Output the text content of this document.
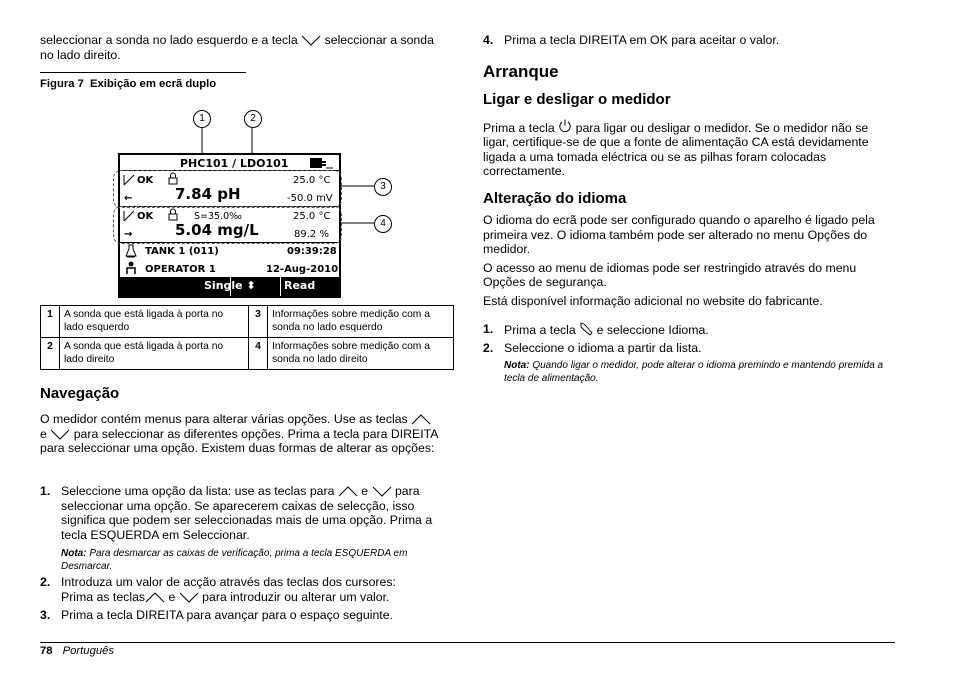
seleccionar a sonda no lado esquerdo e a tecla seleccionar a sonda
no lado direito.

Figura 7 Exibição em ecrã duplo
1	2
3
4
PHC101 / LDO101
OK	25.0 °C
←	7.84 pH	-50.0 mV
OK	S=35.0‰	25.0 °C
→	5.04 mg/L	89.2 %
TANK 1 (011)	09:39:28
OPERATOR 1	12-Aug-2010
Single ⬍	Read
1	A sonda que está ligada à porta no lado esquerdo	3	Informações sobre medição com a sonda no lado esquerdo
2	A sonda que está ligada à porta no lado direito	4	Informações sobre medição com a sonda no lado direito
Navegação

O medidor contém menus para alterar várias opções. Use as teclas
e para seleccionar as diferentes opções. Prima a tecla para DIREITA para seleccionar uma opção. Existem duas formas de alterar as opções:

1. Seleccione uma opção da lista: use as teclas para e para seleccionar uma opção. Se aparecerem caixas de selecção, isso significa que podem ser seleccionadas mais de uma opção. Prima a tecla ESQUERDA em Seleccionar.
Nota: Para desmarcar as caixas de verificação, prima a tecla ESQUERDA em Desmarcar.
2. Introduza um valor de acção através das teclas dos cursores:
Prima as teclas e para introduzir ou alterar um valor.
3. Prima a tecla DIREITA para avançar para o espaço seguinte.
4. Prima a tecla DIREITA em OK para aceitar o valor.
Arranque
Ligar e desligar o medidor

Prima a tecla para ligar ou desligar o medidor. Se o medidor não se ligar, certifique-se de que a fonte de alimentação CA está devidamente ligada a uma tomada eléctrica ou se as pilhas foram colocadas correctamente.

Alteração do idioma

O idioma do ecrã pode ser configurado quando o aparelho é ligado pela primeira vez. O idioma também pode ser alterado no menu Opções do medidor.

O acesso ao menu de idiomas pode ser restringido através do menu Opções de segurança.

Está disponível informação adicional no website do fabricante.

1. Prima a tecla e seleccione Idioma.
2. Seleccione o idioma a partir da lista.
Nota: Quando ligar o medidor, pode alterar o idioma premindo e mantendo premida a tecla de alimentação.
78 Português
